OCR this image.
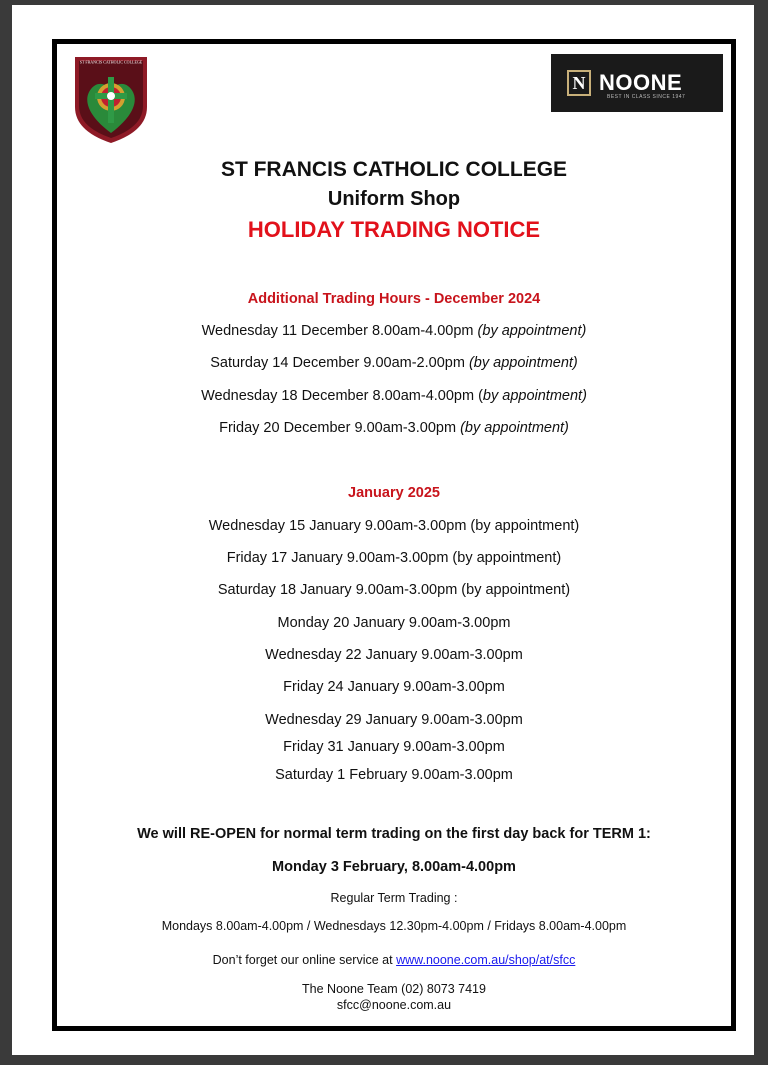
ST FRANCIS CATHOLIC COLLEGE
N NOONE
BEST IN CLASS SINCE 1947
ST FRANCIS CATHOLIC COLLEGE
Uniform Shop
HOLIDAY TRADING NOTICE
Additional Trading Hours - December 2024
Wednesday 11 December 8.00am-4.00pm (by appointment)
Saturday 14 December 9.00am-2.00pm (by appointment)
Wednesday 18 December 8.00am-4.00pm (by appointment)
Friday 20 December 9.00am-3.00pm (by appointment)
January 2025
Wednesday 15 January 9.00am-3.00pm (by appointment)
Friday 17 January 9.00am-3.00pm (by appointment)
Saturday 18 January 9.00am-3.00pm (by appointment)
Monday 20 January 9.00am-3.00pm
Wednesday 22 January 9.00am-3.00pm
Friday 24 January 9.00am-3.00pm
Wednesday 29 January 9.00am-3.00pm
Friday 31 January 9.00am-3.00pm
Saturday 1 February 9.00am-3.00pm
We will RE-OPEN for normal term trading on the first day back for TERM 1:
Monday 3 February, 8.00am-4.00pm
Regular Term Trading :
Mondays 8.00am-4.00pm / Wednesdays 12.30pm-4.00pm / Fridays 8.00am-4.00pm
Don’t forget our online service at www.noone.com.au/shop/at/sfcc
The Noone Team (02) 8073 7419
sfcc@noone.com.au
